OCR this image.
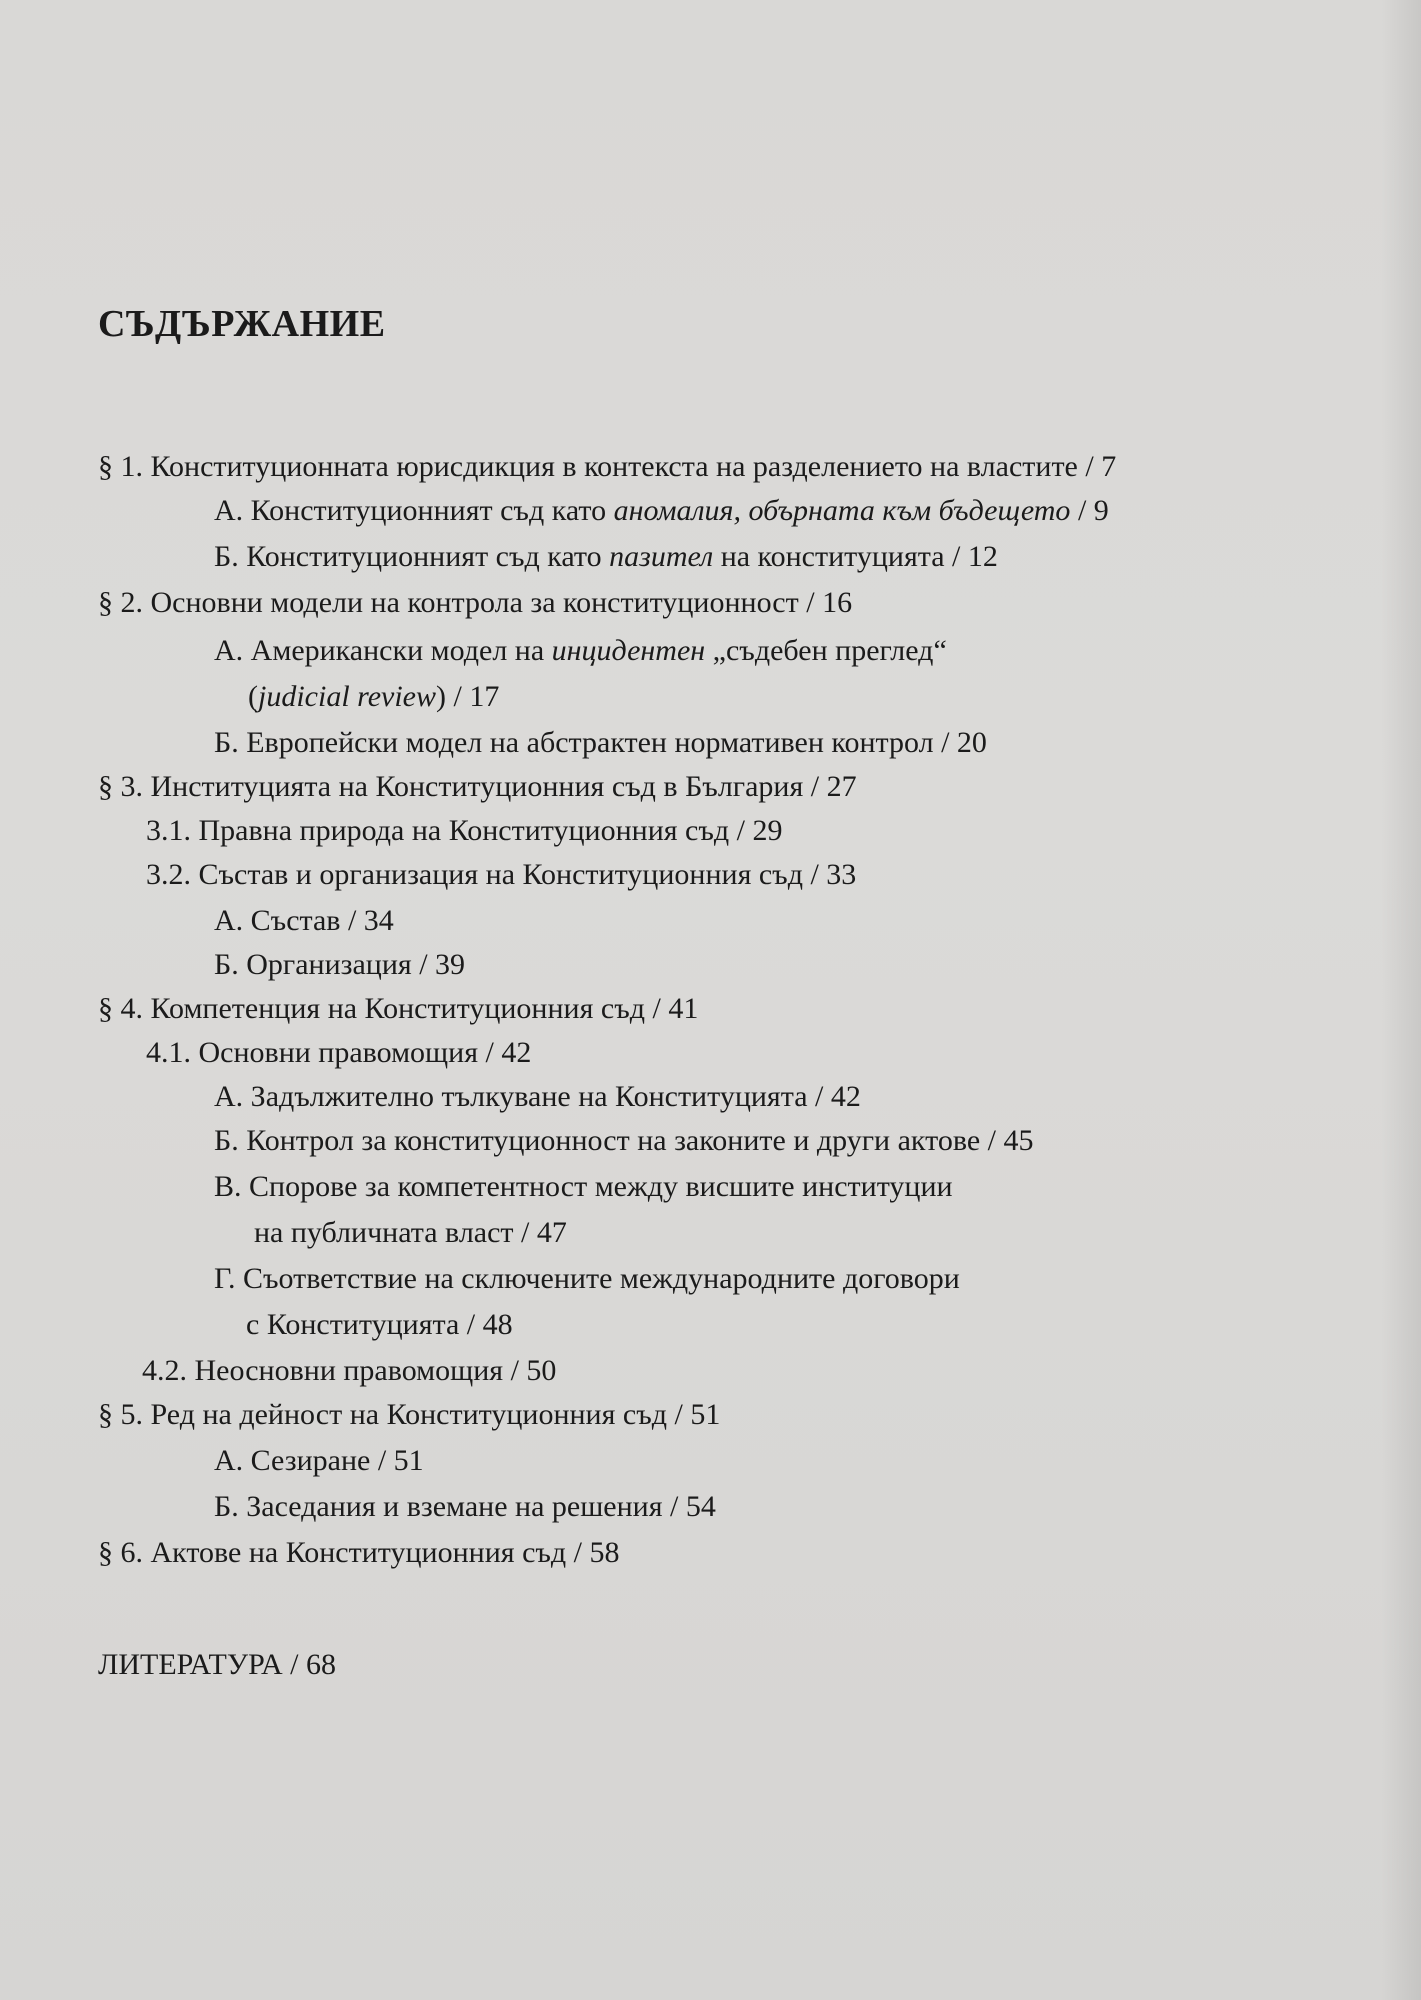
СЪДЪРЖАНИЕ
§ 1. Конституционната юрисдикция в контекста на разделението на властите / 7
А. Конституционният съд като аномалия, обърната към бъдещето / 9
Б. Конституционният съд като пазител на конституцията / 12
§ 2. Основни модели на контрола за конституционност / 16
А. Американски модел на инцидентен „съдебен преглед“
(judicial review) / 17
Б. Европейски модел на абстрактен нормативен контрол / 20
§ 3. Институцията на Конституционния съд в България / 27
3.1. Правна природа на Конституционния съд / 29
3.2. Състав и организация на Конституционния съд / 33
А. Състав / 34
Б. Организация / 39
§ 4. Компетенция на Конституционния съд / 41
4.1. Основни правомощия / 42
А. Задължително тълкуване на Конституцията / 42
Б. Контрол за конституционност на законите и други актове / 45
В. Спорове за компетентност между висшите институции
на публичната власт / 47
Г. Съответствие на сключените международните договори
с Конституцията / 48
4.2. Неосновни правомощия / 50
§ 5. Ред на дейност на Конституционния съд / 51
А. Сезиране / 51
Б. Заседания и вземане на решения / 54
§ 6. Актове на Конституционния съд / 58
ЛИТЕРАТУРА / 68
